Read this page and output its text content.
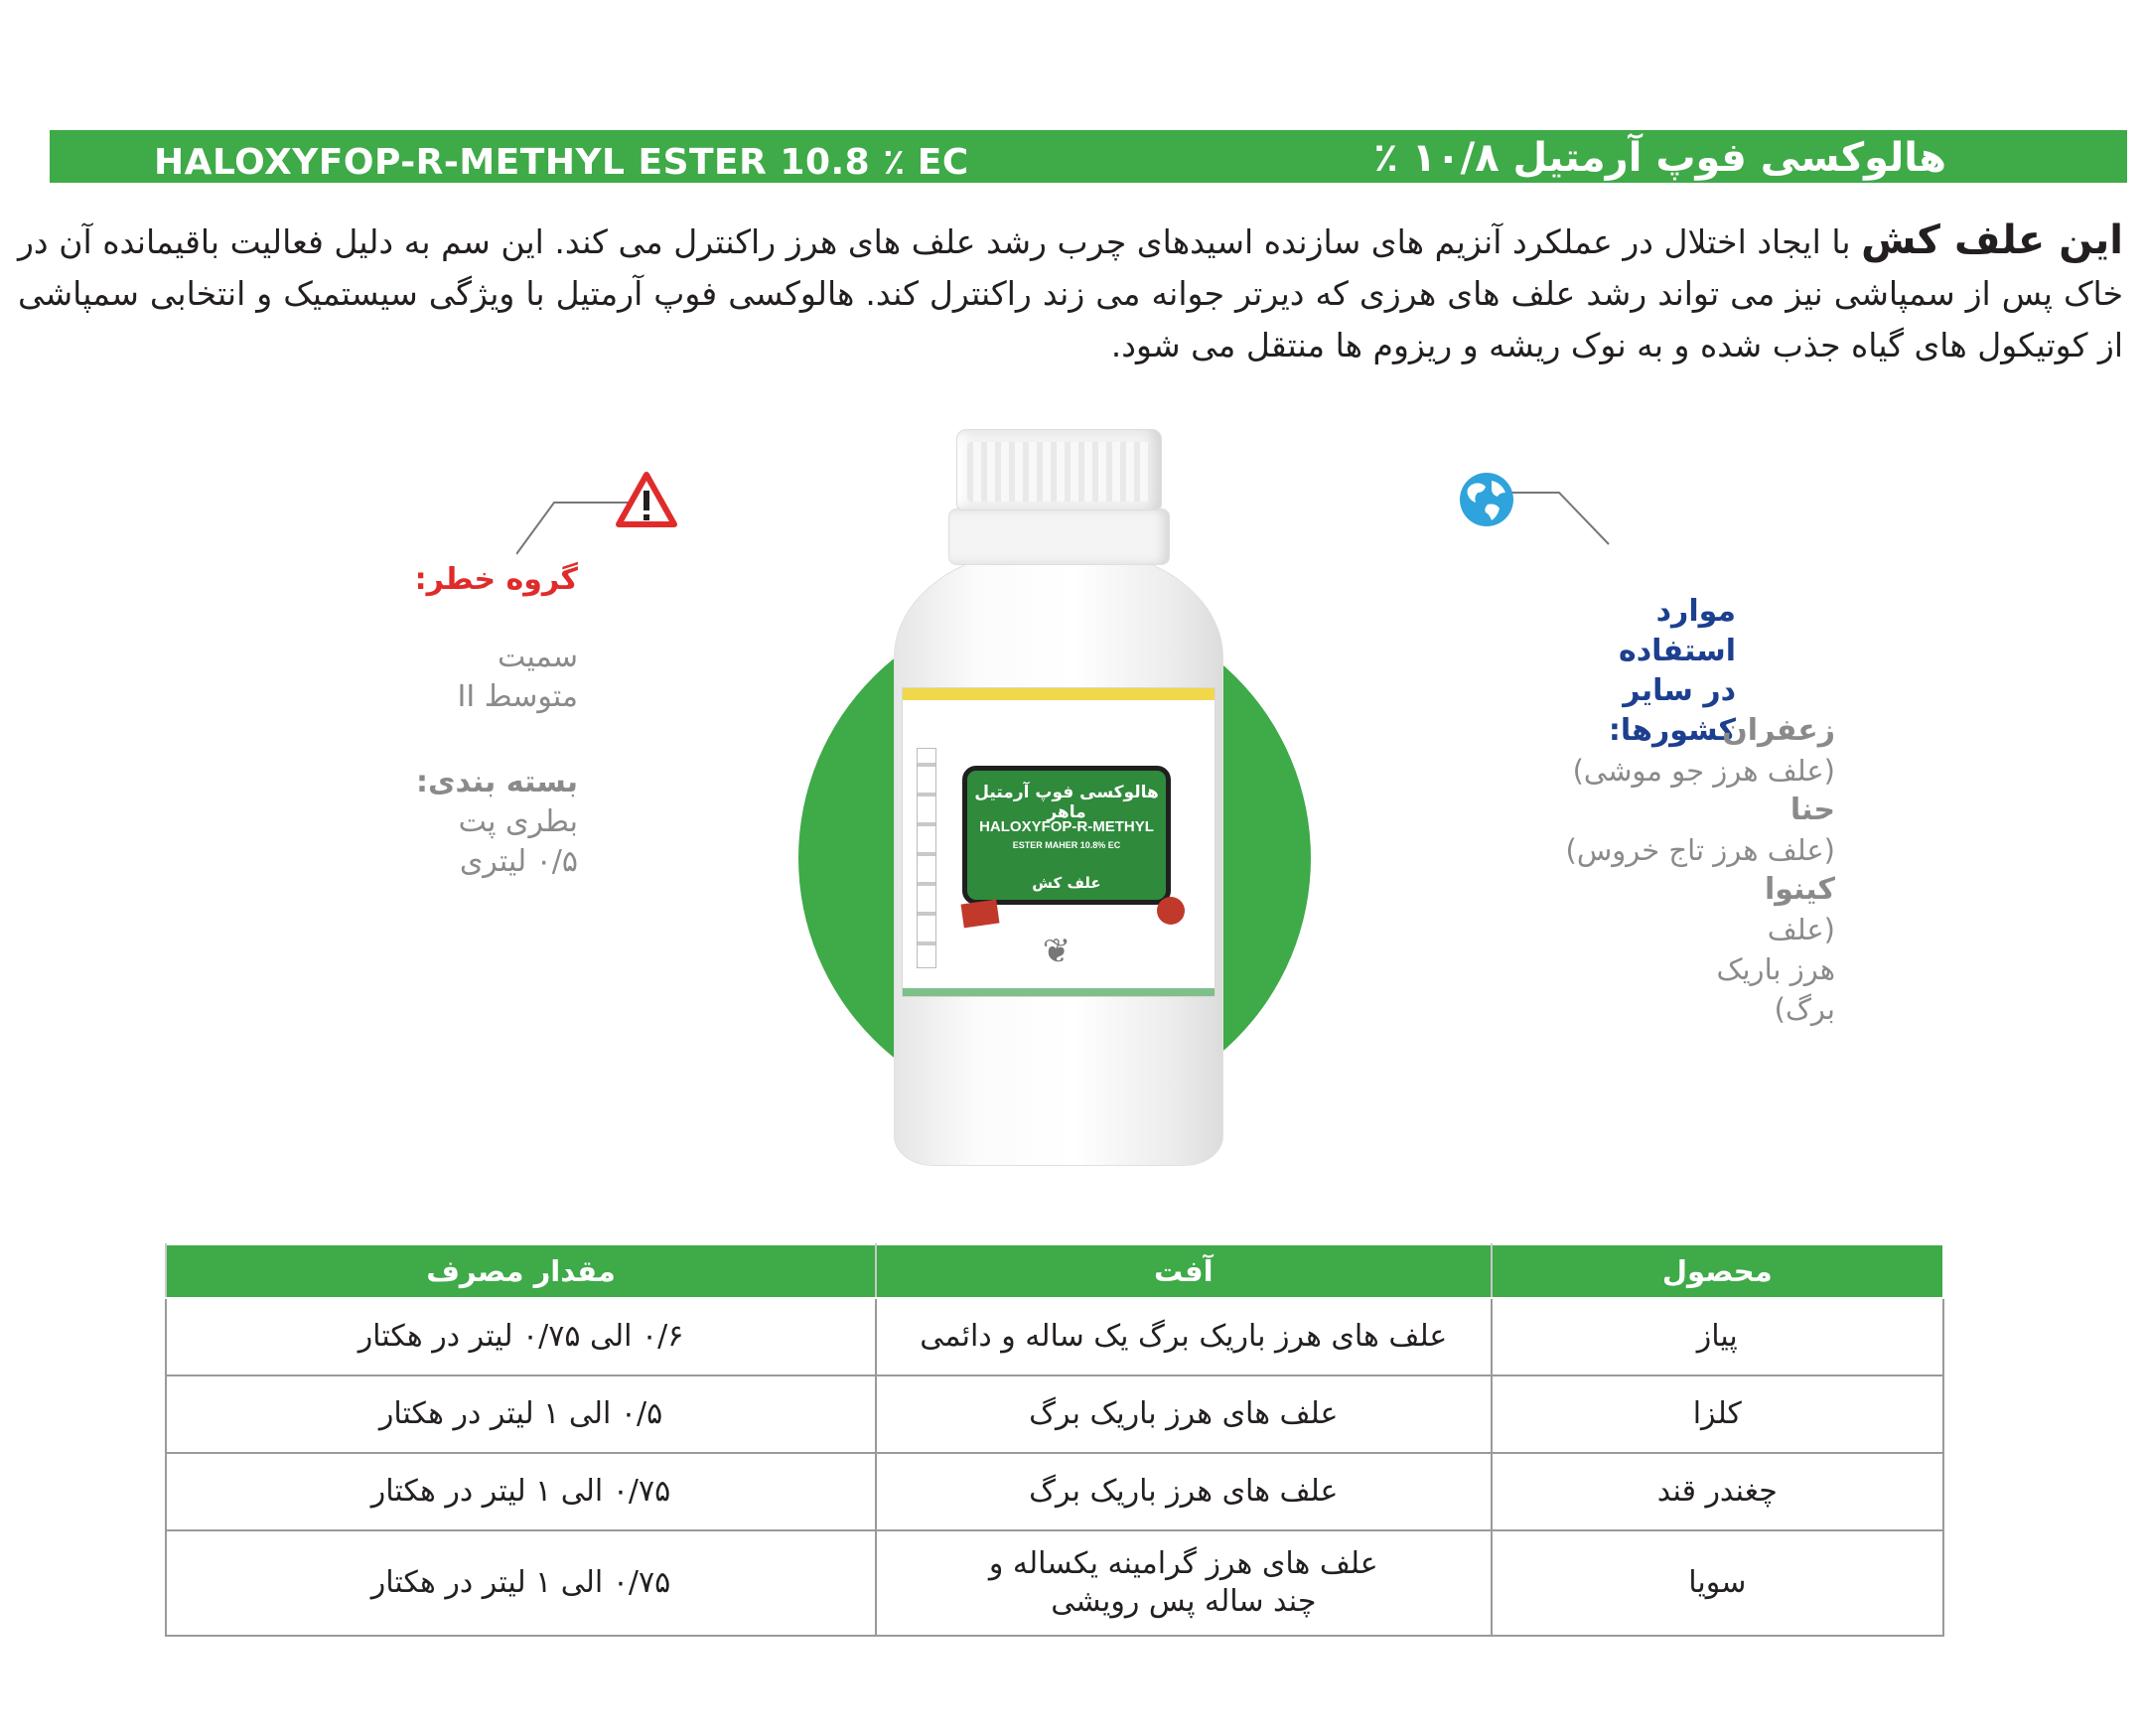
HALOXYFOP-R-METHYL ESTER 10.8 ٪ EC	هالوکسی فوپ آرمتیل ۱۰/۸ ٪
این علف کش با ایجاد اختلال در عملکرد آنزیم های سازنده اسیدهای چرب رشد علف های هرز راکنترل می کند. این سم به دلیل فعالیت باقیمانده آن در خاک پس از سمپاشی نیز می تواند رشد علف های هرزی که دیرتر جوانه می زند راکنترل کند. هالوکسی فوپ آرمتیل با ویژگی سیستمیک و انتخابی سمپاشی از کوتیکول های گیاه جذب شده و به نوک ریشه و ریزوم ها منتقل می شود.
هالوکسی فوپ آرمتیل ماهر
HALOXYFOP-R-METHYL
ESTER MAHER 10.8% EC
علف کش
❦
گروه خطر:
سمیت
متوسط II
بسته بندی:
بطری پت
۰/۵ لیتری
موارد استفاده
در سایر کشورها:
زعفران
(علف هرز جو موشی)
حنا
(علف هرز تاج خروس)
کینوا
(علف هرز باریک برگ)
محصول	آفت	مقدار مصرف
پیاز	علف های هرز باریک برگ یک ساله و دائمی	۰/۶ الی ۰/۷۵ لیتر در هکتار
کلزا	علف های هرز باریک برگ	۰/۵ الی ۱ لیتر در هکتار
چغندر قند	علف های هرز باریک برگ	۰/۷۵ الی ۱ لیتر در هکتار
سویا	علف های هرز گرامینه یکساله و چند ساله پس رویشی	۰/۷۵ الی ۱ لیتر در هکتار
